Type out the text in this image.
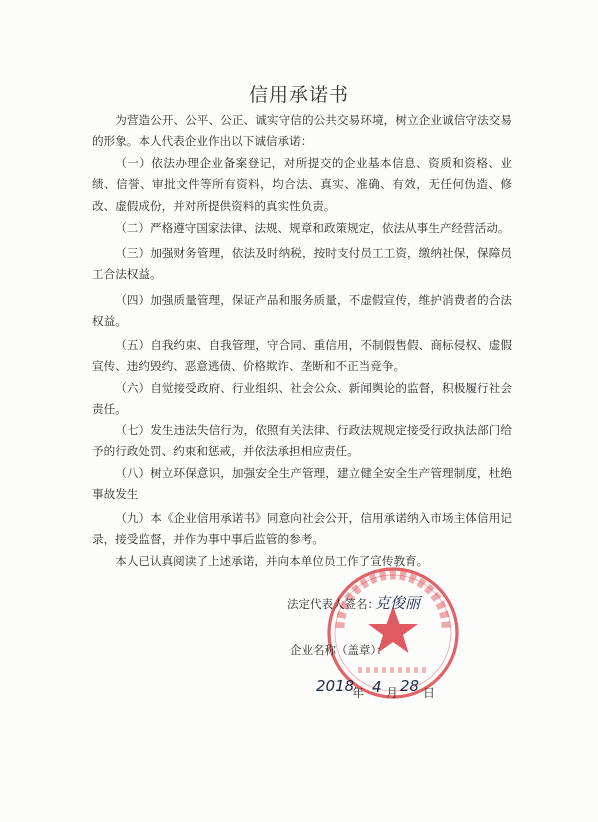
信用承诺书
为营造公开、公平、公正、诚实守信的公共交易环境，树立企业诚信守法交易的形象。本人代表企业作出以下诚信承诺：
（一）依法办理企业备案登记，对所提交的企业基本信息、资质和资格、业绩、信誉、审批文件等所有资料，均合法、真实、准确、有效，无任何伪造、修改、虚假成份，并对所提供资料的真实性负责。
（二）严格遵守国家法律、法规、规章和政策规定，依法从事生产经营活动。
（三）加强财务管理，依法及时纳税，按时支付员工工资，缴纳社保，保障员工合法权益。
（四）加强质量管理，保证产品和服务质量，不虚假宣传，维护消费者的合法权益。
（五）自我约束、自我管理，守合同、重信用，不制假售假、商标侵权、虚假宣传、违约毁约、恶意逃债、价格欺诈、垄断和不正当竞争。
（六）自觉接受政府、行业组织、社会公众、新闻舆论的监督，积极履行社会责任。
（七）发生违法失信行为，依照有关法律、行政法规规定接受行政执法部门给予的行政处罚、约束和惩戒，并依法承担相应责任。
（八）树立环保意识，加强安全生产管理，建立健全安全生产管理制度，杜绝事故发生
（九）本《企业信用承诺书》同意向社会公开，信用承诺纳入市场主体信用记录，接受监督，并作为事中事后监管的参考。
本人已认真阅读了上述承诺，并向本单位员工作了宣传教育。
法定代表人签名：
克俊丽
企业名称（盖章）：
2018
年 4 月 28 日
